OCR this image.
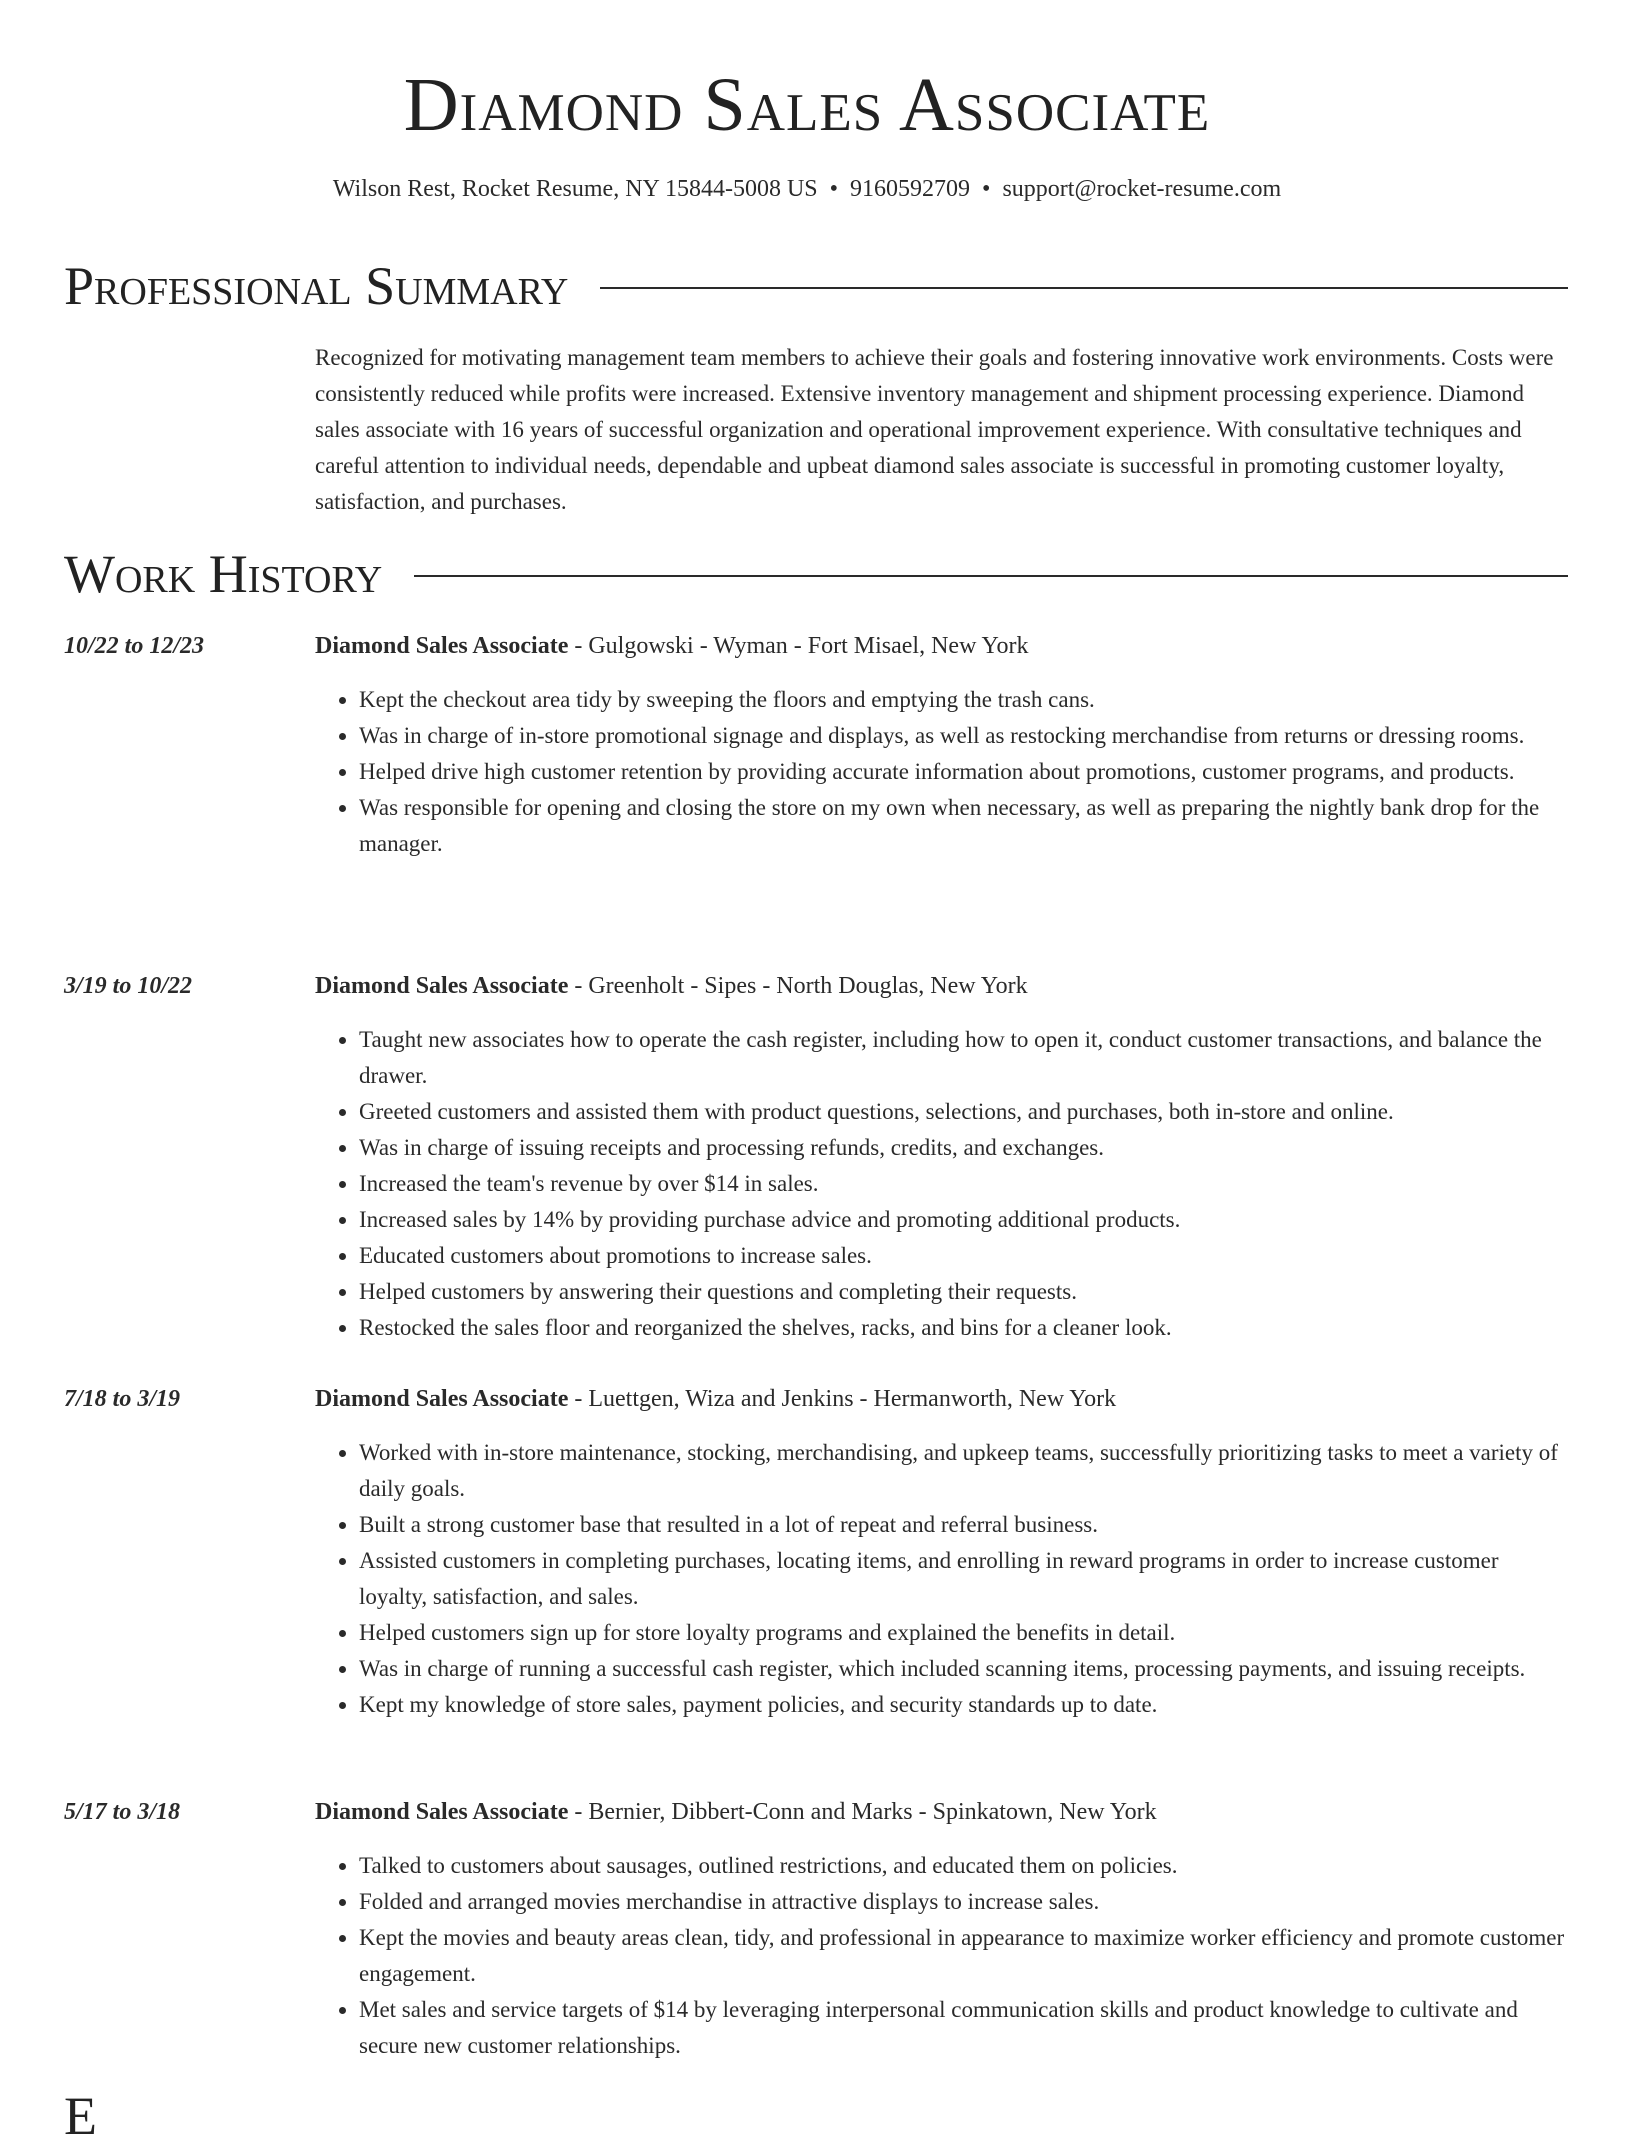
Diamond Sales Associate
Wilson Rest, Rocket Resume, NY 15844-5008 US • 9160592709 • support@rocket-resume.com
Professional Summary
Recognized for motivating management team members to achieve their goals and fostering innovative work environments. Costs were consistently reduced while profits were increased. Extensive inventory management and shipment processing experience. Diamond sales associate with 16 years of successful organization and operational improvement experience. With consultative techniques and careful attention to individual needs, dependable and upbeat diamond sales associate is successful in promoting customer loyalty, satisfaction, and purchases.
Work History
10/22 to 12/23	Diamond Sales Associate - Gulgowski - Wyman - Fort Misael, New York
• Kept the checkout area tidy by sweeping the floors and emptying the trash cans.
• Was in charge of in-store promotional signage and displays, as well as restocking merchandise from returns or dressing rooms.
• Helped drive high customer retention by providing accurate information about promotions, customer programs, and products.
• Was responsible for opening and closing the store on my own when necessary, as well as preparing the nightly bank drop for the manager.
3/19 to 10/22	Diamond Sales Associate - Greenholt - Sipes - North Douglas, New York
• Taught new associates how to operate the cash register, including how to open it, conduct customer transactions, and balance the drawer.
• Greeted customers and assisted them with product questions, selections, and purchases, both in-store and online.
• Was in charge of issuing receipts and processing refunds, credits, and exchanges.
• Increased the team's revenue by over $14 in sales.
• Increased sales by 14% by providing purchase advice and promoting additional products.
• Educated customers about promotions to increase sales.
• Helped customers by answering their questions and completing their requests.
• Restocked the sales floor and reorganized the shelves, racks, and bins for a cleaner look.
7/18 to 3/19	Diamond Sales Associate - Luettgen, Wiza and Jenkins - Hermanworth, New York
• Worked with in-store maintenance, stocking, merchandising, and upkeep teams, successfully prioritizing tasks to meet a variety of daily goals.
• Built a strong customer base that resulted in a lot of repeat and referral business.
• Assisted customers in completing purchases, locating items, and enrolling in reward programs in order to increase customer loyalty, satisfaction, and sales.
• Helped customers sign up for store loyalty programs and explained the benefits in detail.
• Was in charge of running a successful cash register, which included scanning items, processing payments, and issuing receipts.
• Kept my knowledge of store sales, payment policies, and security standards up to date.
5/17 to 3/18	Diamond Sales Associate - Bernier, Dibbert-Conn and Marks - Spinkatown, New York
• Talked to customers about sausages, outlined restrictions, and educated them on policies.
• Folded and arranged movies merchandise in attractive displays to increase sales.
• Kept the movies and beauty areas clean, tidy, and professional in appearance to maximize worker efficiency and promote customer engagement.
• Met sales and service targets of $14 by leveraging interpersonal communication skills and product knowledge to cultivate and secure new customer relationships.
E
